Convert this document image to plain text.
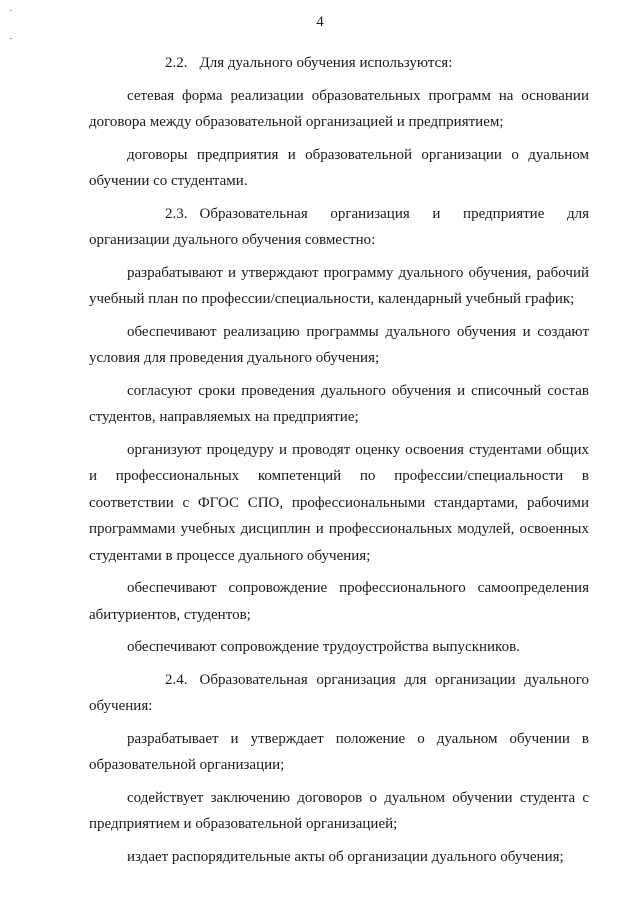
4

2.2. Для дуального обучения используются:

сетевая форма реализации образовательных программ на основании договора между образовательной организацией и предприятием;

договоры предприятия и образовательной организации о дуальном обучении со студентами.

2.3. Образовательная организация и предприятие для организации дуального обучения совместно:

разрабатывают и утверждают программу дуального обучения, рабочий учебный план по профессии/специальности, календарный учебный график;

обеспечивают реализацию программы дуального обучения и создают условия для проведения дуального обучения;

согласуют сроки проведения дуального обучения и списочный состав студентов, направляемых на предприятие;

организуют процедуру и проводят оценку освоения студентами общих и профессиональных компетенций по профессии/специальности в соответствии с ФГОС СПО, профессиональными стандартами, рабочими программами учебных дисциплин и профессиональных модулей, освоенных студентами в процессе дуального обучения;

обеспечивают сопровождение профессионального самоопределения абитуриентов, студентов;

обеспечивают сопровождение трудоустройства выпускников.

2.4. Образовательная организация для организации дуального обучения:

разрабатывает и утверждает положение о дуальном обучении в образовательной организации;

содействует заключению договоров о дуальном обучении студента с предприятием и образовательной организацией;

издает распорядительные акты об организации дуального обучения;
